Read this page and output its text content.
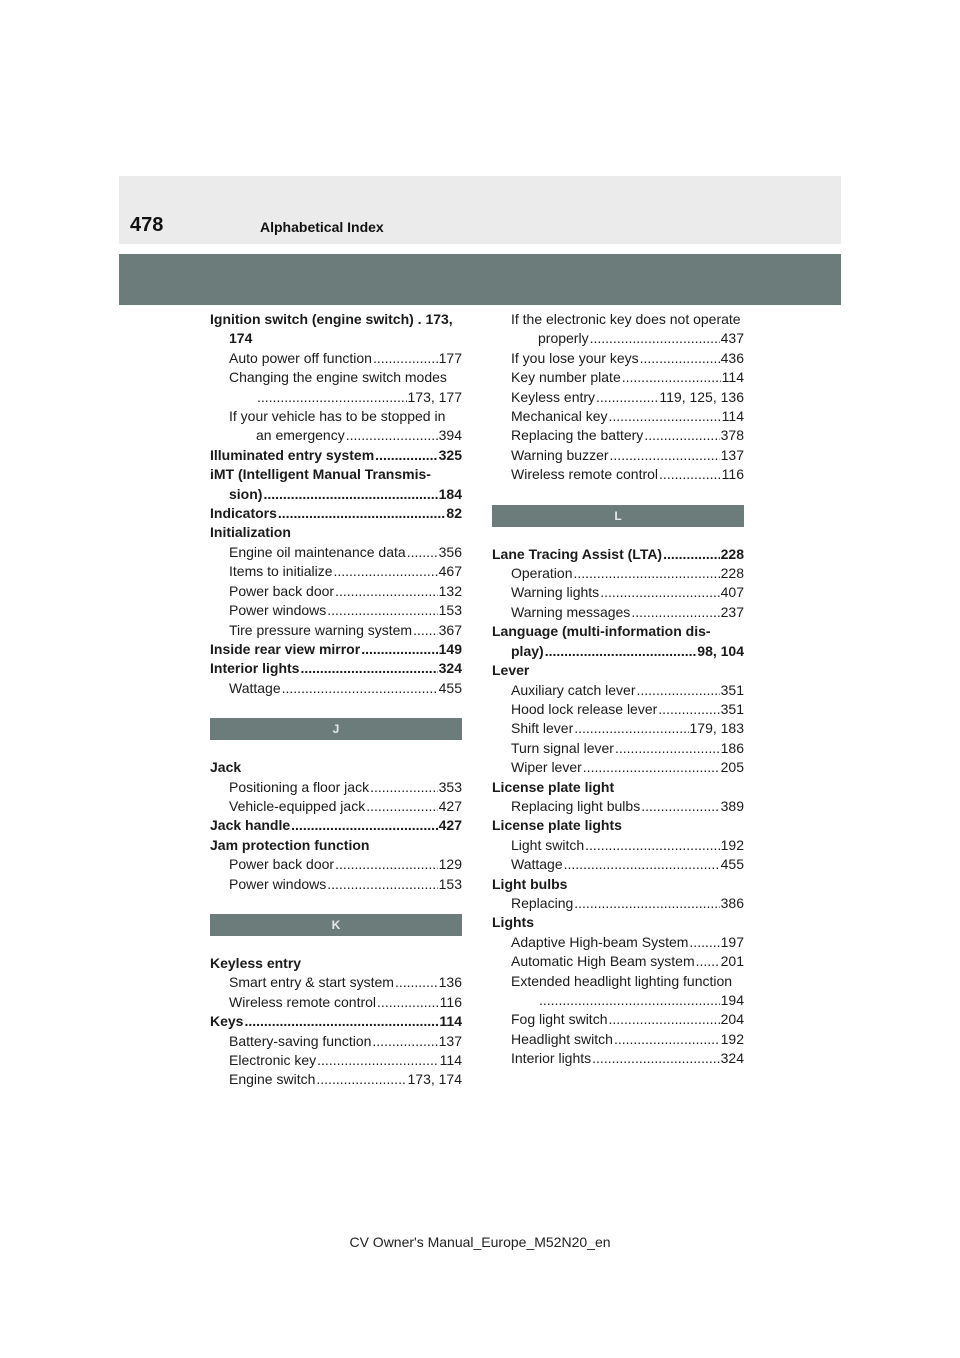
478	Alphabetical Index
Ignition switch (engine switch) . 173,
174
Auto power off function .....	177
Changing the engine switch modes
.....
173, 177
If your vehicle has to be stopped in
an emergency .....	394
Illuminated entry system .....	325
iMT (Intelligent Manual Transmis-
sion) .....	184
Indicators .....	82
Initialization
Engine oil maintenance data ..... 356
Items to initialize .....	467
Power back door .....	132
Power windows .....	153
Tire pressure warning system ..... 367
Inside rear view mirror .....	149
Interior lights .....	324
Wattage .....	455
J
Jack
Positioning a floor jack .....	353
Vehicle-equipped jack .....	427
Jack handle .....	427
Jam protection function
Power back door .....	129
Power windows .....	153
K
Keyless entry
Smart entry & start system .....	136
Wireless remote control .....	116
Keys .....	114
Battery-saving function .....	137
Electronic key .....	114
Engine switch .....	173, 174
If the electronic key does not operate
properly .....	437
If you lose your keys .....	436
Key number plate .....	114
Keyless entry .....	119, 125, 136
Mechanical key .....	114
Replacing the battery .....	378
Warning buzzer .....	137
Wireless remote control .....	116
L
Lane Tracing Assist (LTA) .....	228
Operation .....	228
Warning lights .....	407
Warning messages .....	237
Language (multi-information dis-
play) .....	98, 104
Lever
Auxiliary catch lever .....	351
Hood lock release lever .....	351
Shift lever .....	179, 183
Turn signal lever .....	186
Wiper lever .....	205
License plate light
Replacing light bulbs .....	389
License plate lights
Light switch .....	192
Wattage .....	455
Light bulbs
Replacing .....	386
Lights
Adaptive High-beam System ..... 197
Automatic High Beam system ..... 201
Extended headlight lighting function
.....
194
Fog light switch .....	204
Headlight switch .....	192
Interior lights .....	324
CV Owner's Manual_Europe_M52N20_en
